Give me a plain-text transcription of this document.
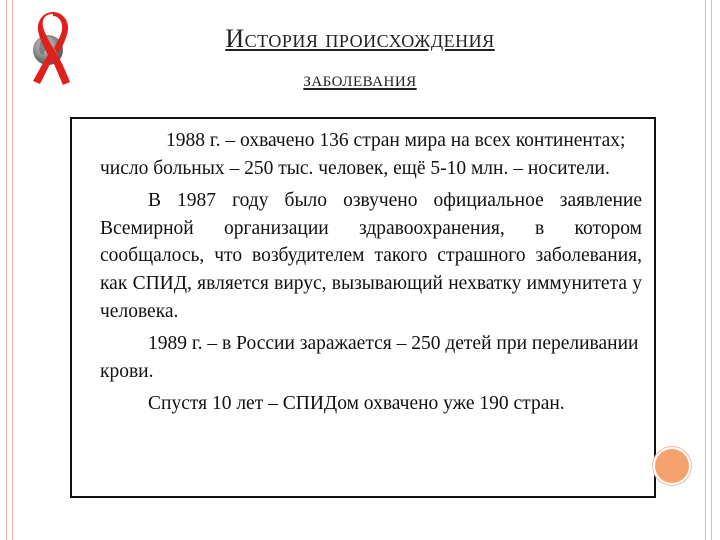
История происхождения
заболевания

1988 г. – охвачено 136 стран мира на всех континентах; число больных – 250 тыс. человек, ещё 5-10 млн. – носители.

В 1987 году было озвучено официальное заявление Всемирной организации здравоохранения, в котором сообщалось, что возбудителем такого страшного заболевания, как СПИД, является вирус, вызывающий нехватку иммунитета у человека.

1989 г. – в России заражается – 250 детей при переливании крови.

Спустя 10 лет – СПИДом охвачено уже 190 стран.
